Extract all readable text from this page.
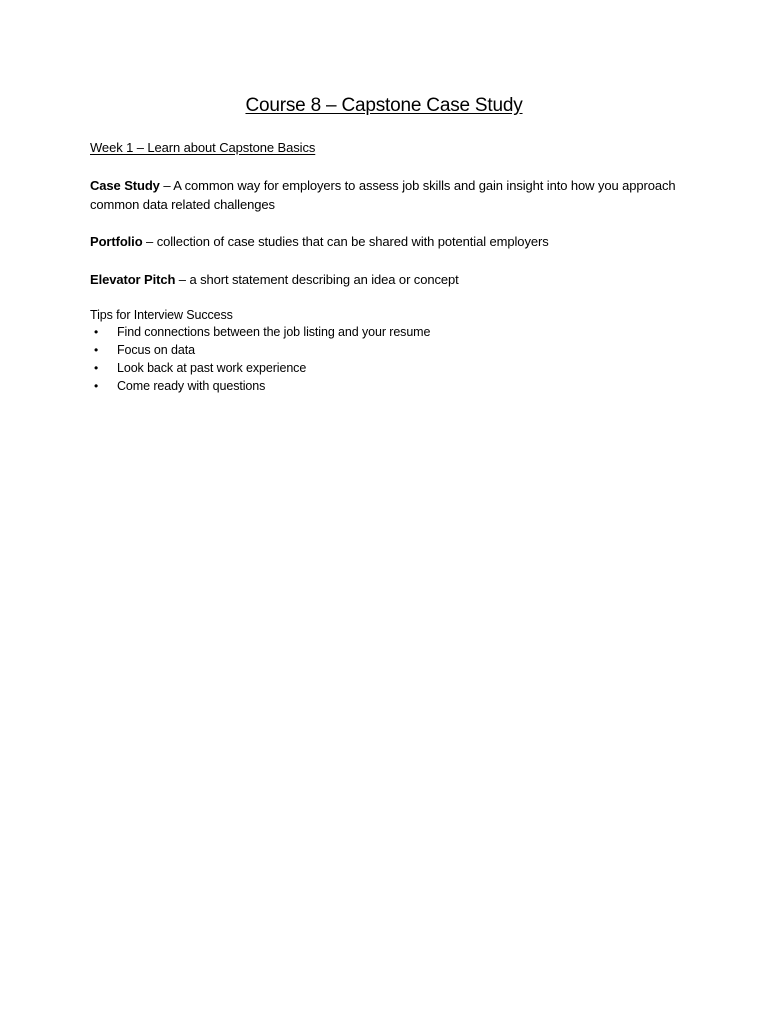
Course 8 – Capstone Case Study
Week 1 – Learn about Capstone Basics
Case Study – A common way for employers to assess job skills and gain insight into how you approach common data related challenges
Portfolio – collection of case studies that can be shared with potential employers
Elevator Pitch – a short statement describing an idea or concept
Tips for Interview Success
•	Find connections between the job listing and your resume
•	Focus on data
•	Look back at past work experience
•	Come ready with questions
